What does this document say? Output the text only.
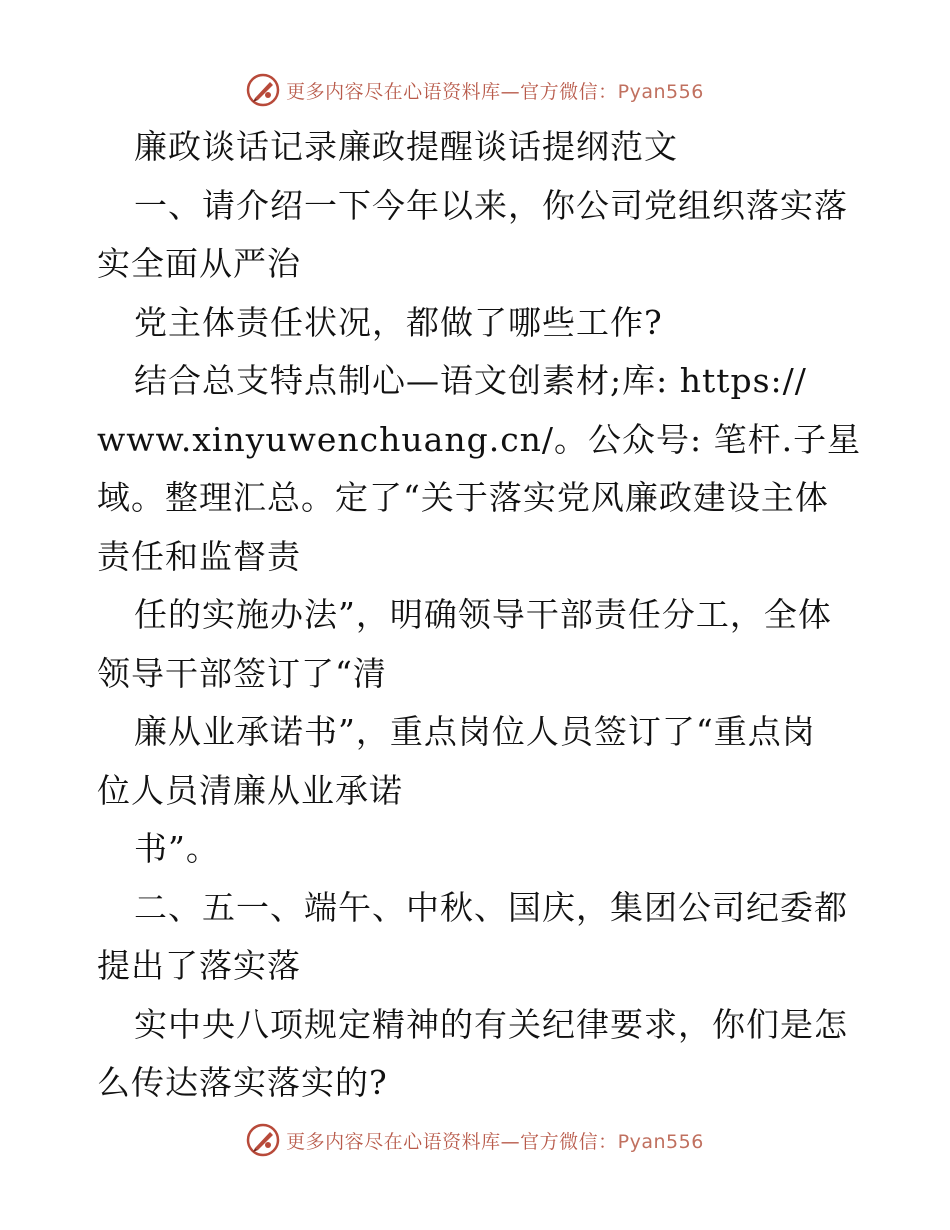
更多内容尽在心语资料库—官方微信：Pyan556
廉政谈话记录廉政提醒谈话提纲范文
一、请介绍一下今年以来，你公司党组织落实落
实全面从严治
党主体责任状况，都做了哪些工作?
结合总支特点制心—语文创素材;库: https://
www.xinyuwenchuang.cn/。公众号: 笔杆.子星
域。整理汇总。定了“关于落实党风廉政建设主体
责任和监督责
任的实施办法”，明确领导干部责任分工，全体
领导干部签订了“清
廉从业承诺书”，重点岗位人员签订了“重点岗
位人员清廉从业承诺
书”。
二、五一、端午、中秋、国庆，集团公司纪委都
提出了落实落
实中央八项规定精神的有关纪律要求，你们是怎
么传达落实落实的?
更多内容尽在心语资料库—官方微信：Pyan556
